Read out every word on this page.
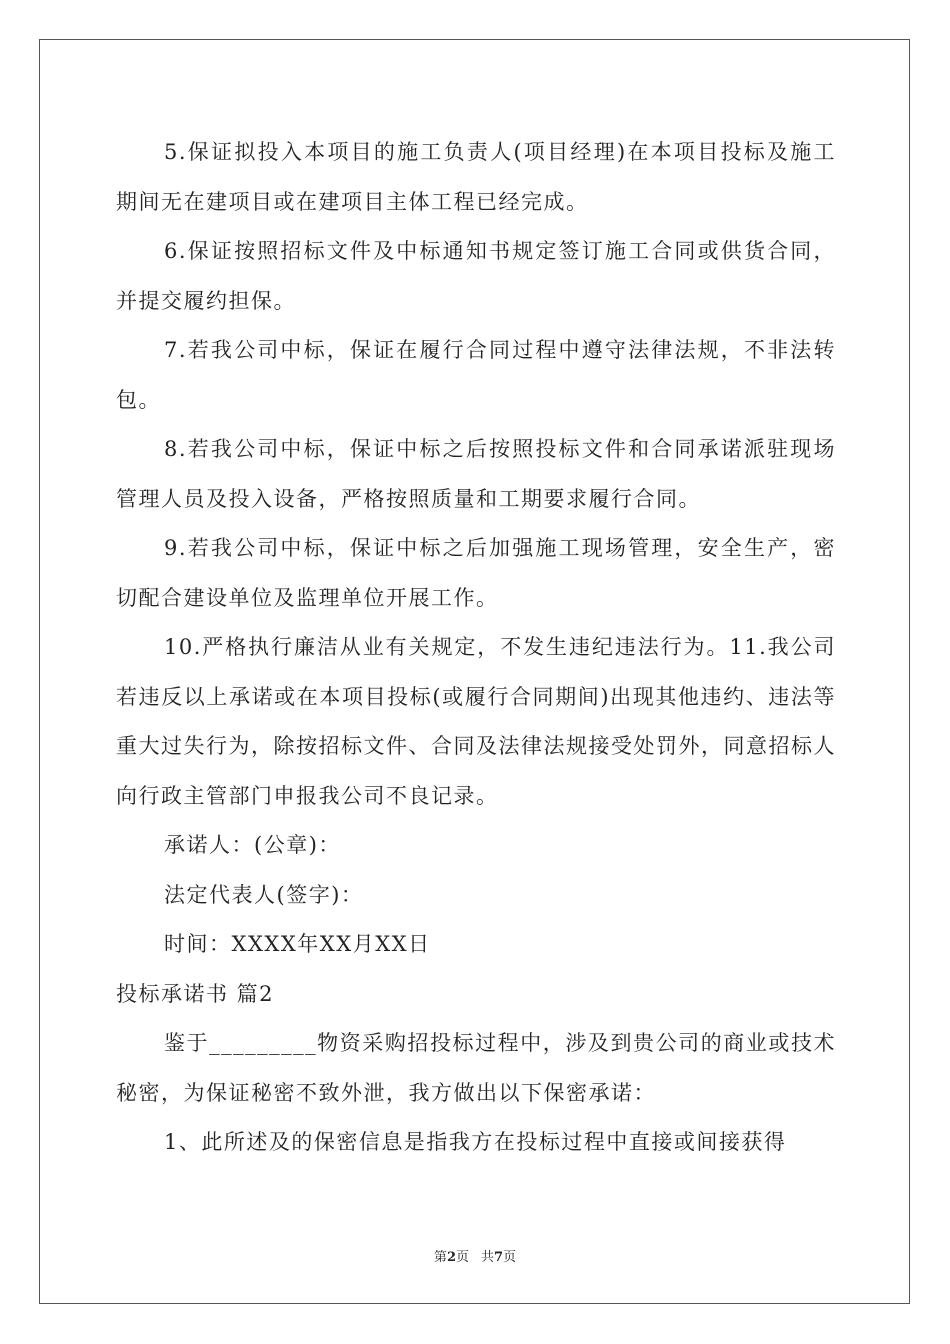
5.保证拟投入本项目的施工负责人(项目经理)在本项目投标及施工期间无在建项目或在建项目主体工程已经完成。

6.保证按照招标文件及中标通知书规定签订施工合同或供货合同，并提交履约担保。

7.若我公司中标，保证在履行合同过程中遵守法律法规，不非法转包。

8.若我公司中标，保证中标之后按照投标文件和合同承诺派驻现场管理人员及投入设备，严格按照质量和工期要求履行合同。

9.若我公司中标，保证中标之后加强施工现场管理，安全生产，密切配合建设单位及监理单位开展工作。

10.严格执行廉洁从业有关规定，不发生违纪违法行为。11.我公司若违反以上承诺或在本项目投标(或履行合同期间)出现其他违约、违法等重大过失行为，除按招标文件、合同及法律法规接受处罚外，同意招标人向行政主管部门申报我公司不良记录。

承诺人：(公章)：

法定代表人(签字)：

时间：XXXX年XX月XX日

投标承诺书 篇2

鉴于_________物资采购招投标过程中，涉及到贵公司的商业或技术秘密，为保证秘密不致外泄，我方做出以下保密承诺：

1、此所述及的保密信息是指我方在投标过程中直接或间接获得

第2页 共7页
